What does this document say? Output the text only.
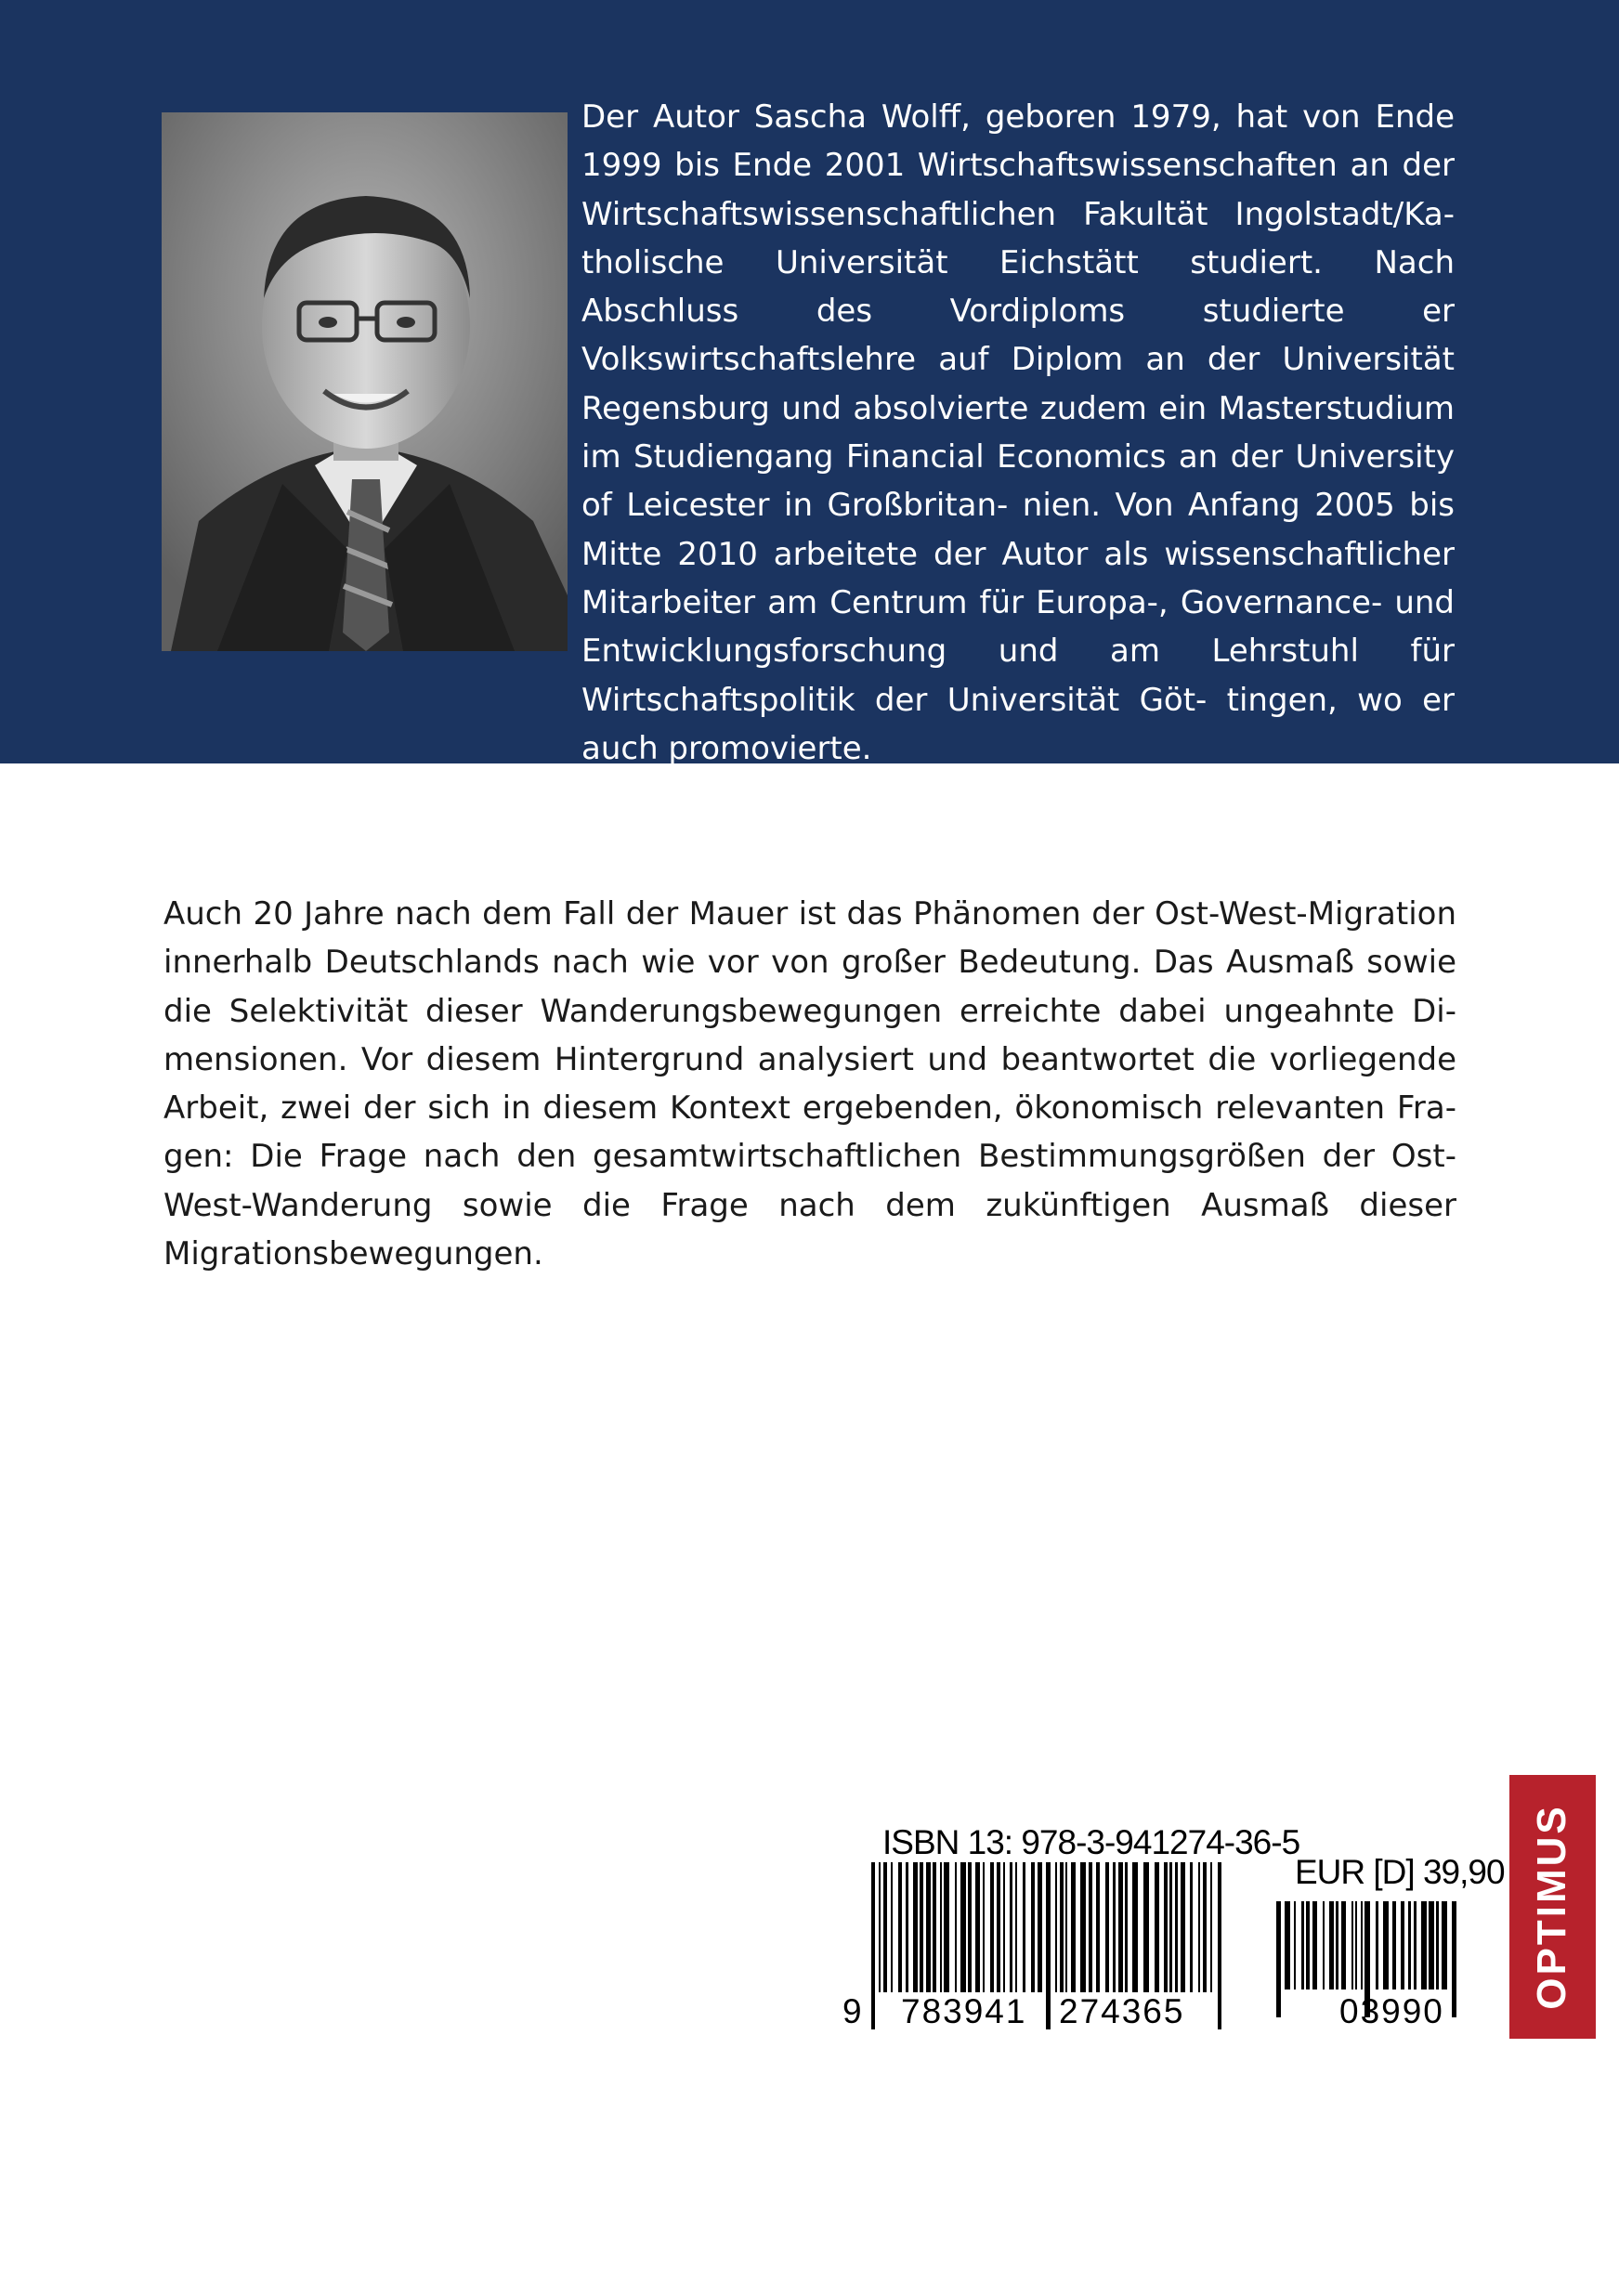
Der Autor Sascha Wolff, geboren 1979, hat von Ende 1999 bis Ende 2001 Wirtschaftswissenschaften an der Wirtschaftswissenschaftlichen Fakultät Ingolstadt/Ka- tholische Universität Eichstätt studiert. Nach Abschluss des Vordiploms studierte er Volkswirtschaftslehre auf Diplom an der Universität Regensburg und absolvierte zudem ein Masterstudium im Studiengang Financial Economics an der University of Leicester in Großbritan- nien. Von Anfang 2005 bis Mitte 2010 arbeitete der Autor als wissenschaftlicher Mitarbeiter am Centrum für Europa-, Governance- und Entwicklungsforschung und am Lehrstuhl für Wirtschaftspolitik der Universität Göt- tingen, wo er auch promovierte.

Auch 20 Jahre nach dem Fall der Mauer ist das Phänomen der Ost-West-Migration innerhalb Deutschlands nach wie vor von großer Bedeutung. Das Ausmaß sowie die Selektivität dieser Wanderungsbewegungen erreichte dabei ungeahnte Di- mensionen. Vor diesem Hintergrund analysiert und beantwortet die vorliegende Arbeit, zwei der sich in diesem Kontext ergebenden, ökonomisch relevanten Fra- gen: Die Frage nach den gesamtwirtschaftlichen Bestimmungsgrößen der Ost- West-Wanderung sowie die Frage nach dem zukünftigen Ausmaß dieser Migrationsbewegungen.

ISBN 13: 978-3-941274-36-5
EUR [D] 39,90
9 783941 274365	03990
OPTIMUS
